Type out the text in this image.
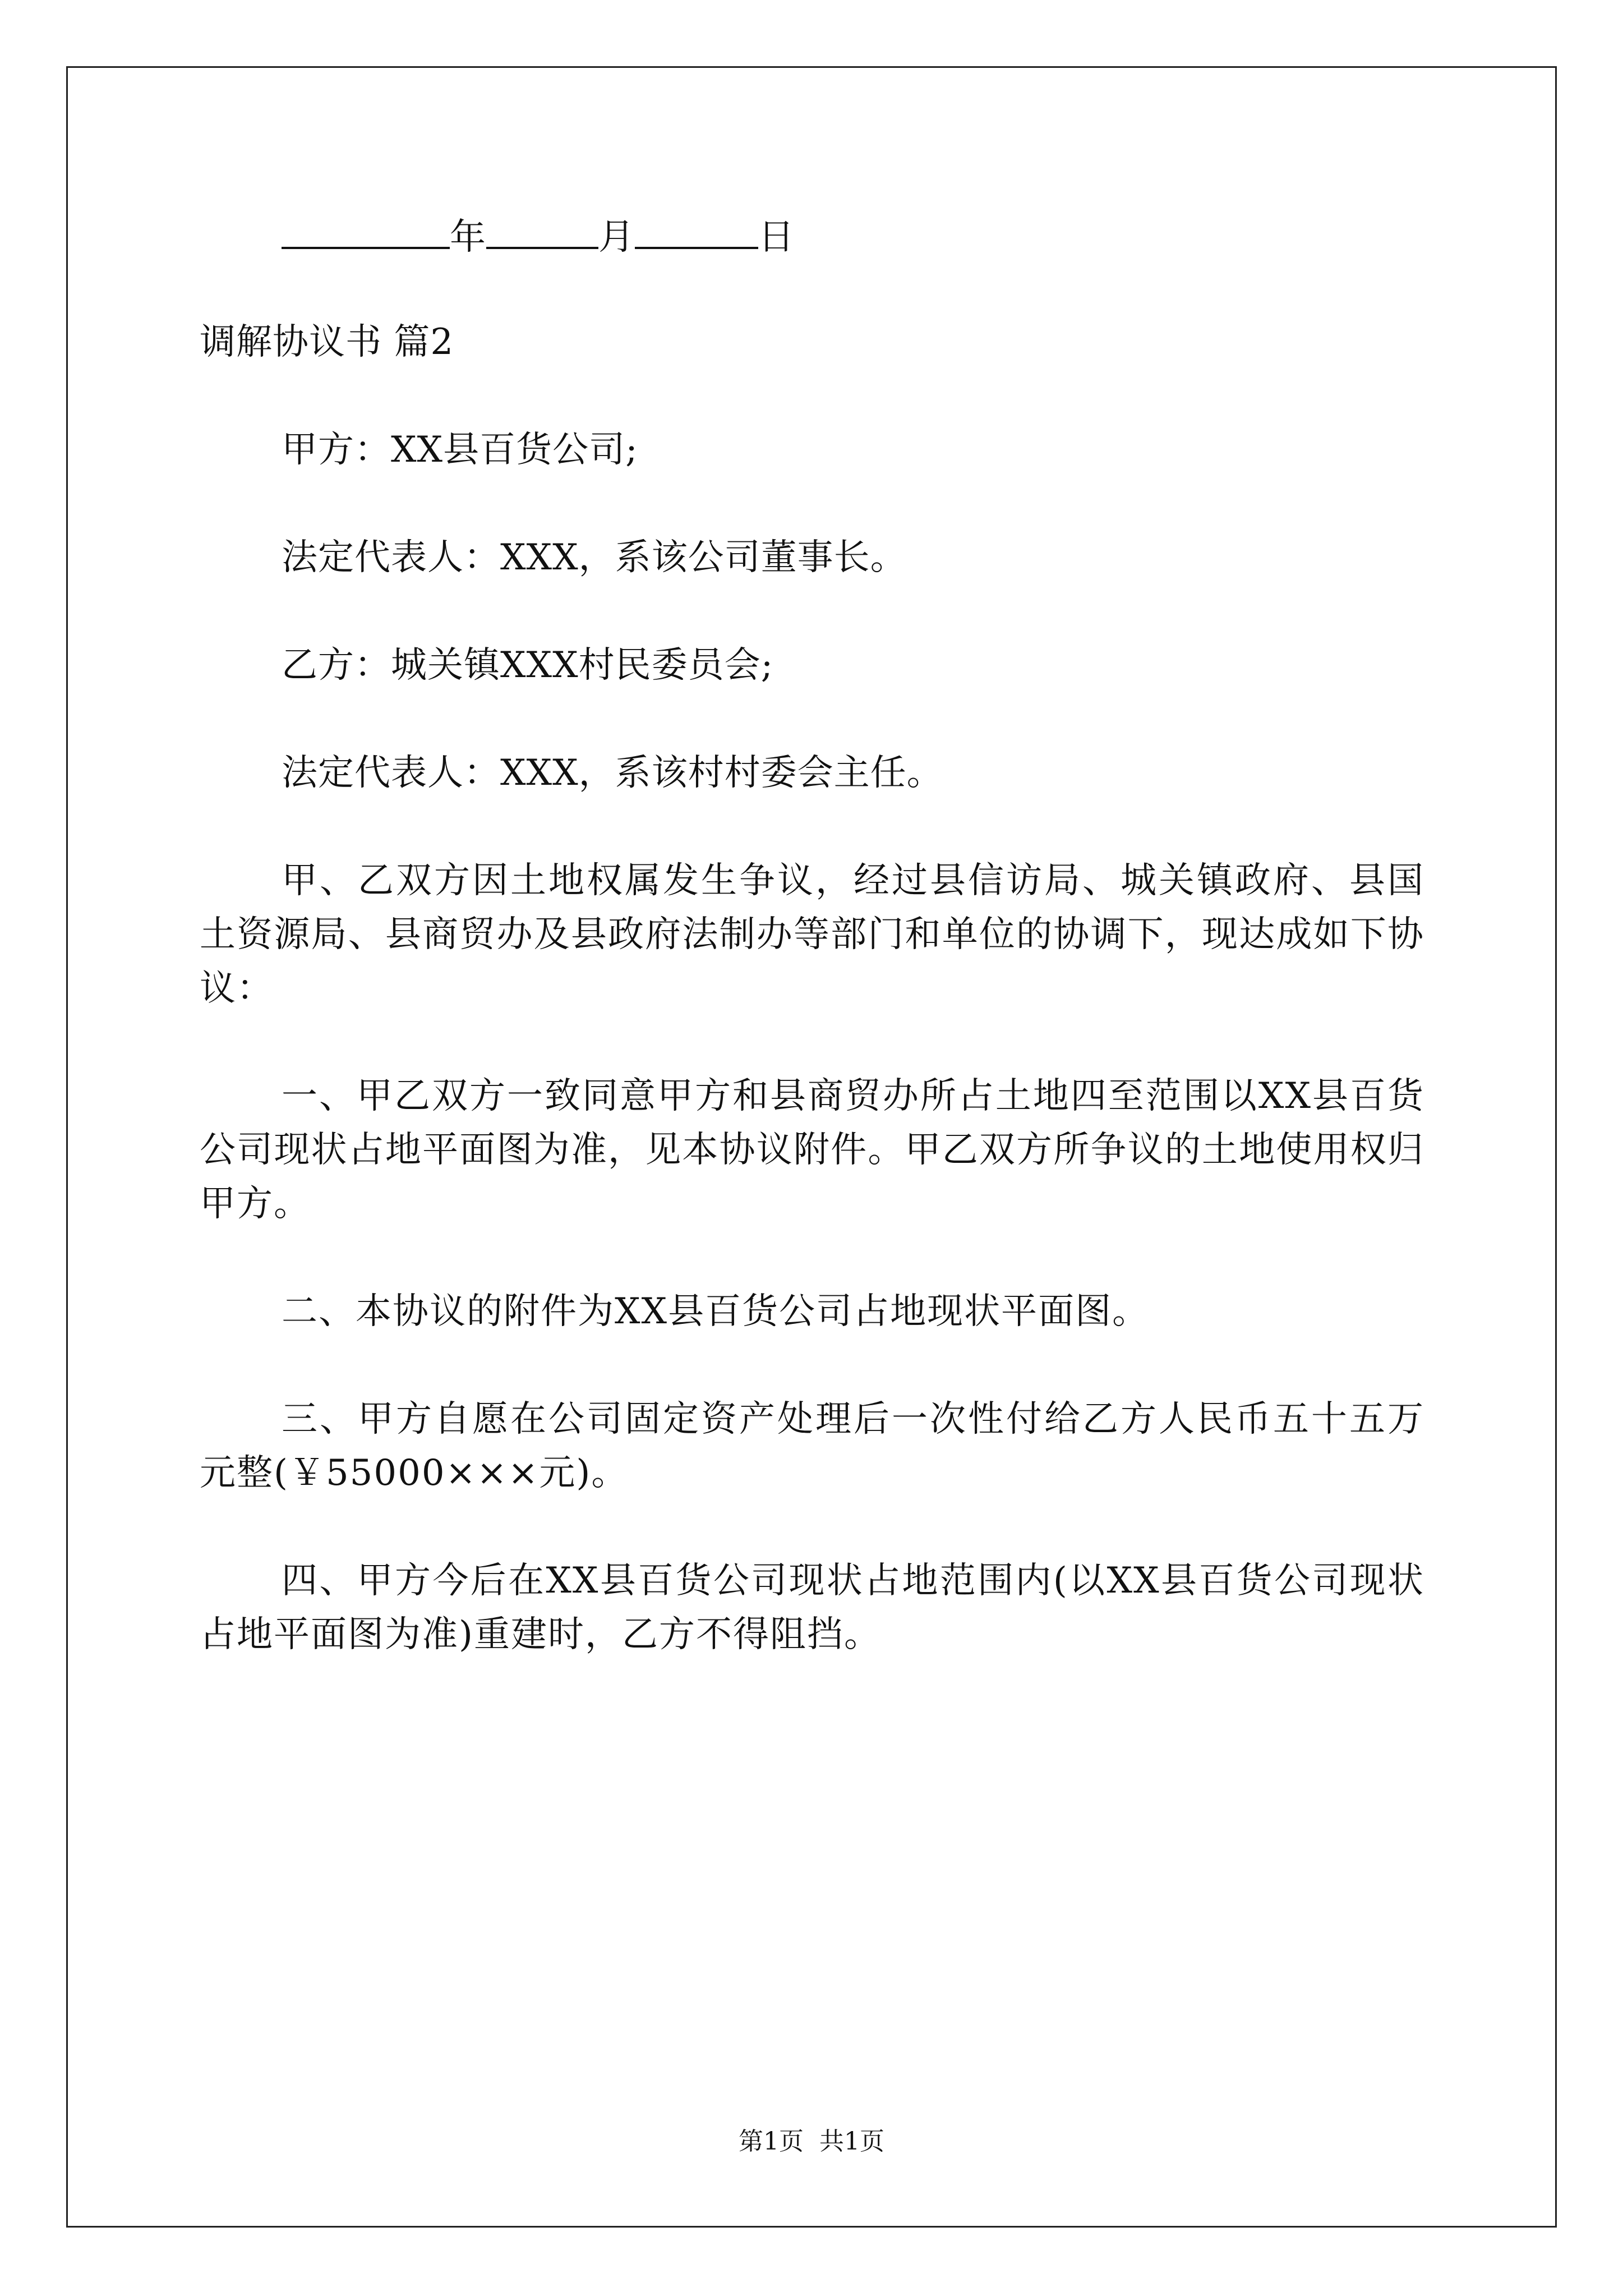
年	月	日
调解协议书 篇2
甲方：XX县百货公司;
法定代表人：XXX，系该公司董事长。
乙方：城关镇XXX村民委员会;
法定代表人：XXX，系该村村委会主任。

甲、乙双方因土地权属发生争议，经过县信访局、城关镇政府、县国土资源局、县商贸办及县政府法制办等部门和单位的协调下，现达成如下协议：

一、甲乙双方一致同意甲方和县商贸办所占土地四至范围以XX县百货公司现状占地平面图为准，见本协议附件。甲乙双方所争议的土地使用权归甲方。

二、本协议的附件为XX县百货公司占地现状平面图。

三、甲方自愿在公司固定资产处理后一次性付给乙方人民币五十五万元整(￥55000×××元)。

四、甲方今后在XX县百货公司现状占地范围内(以XX县百货公司现状占地平面图为准)重建时，乙方不得阻挡。

第1页 共1页
